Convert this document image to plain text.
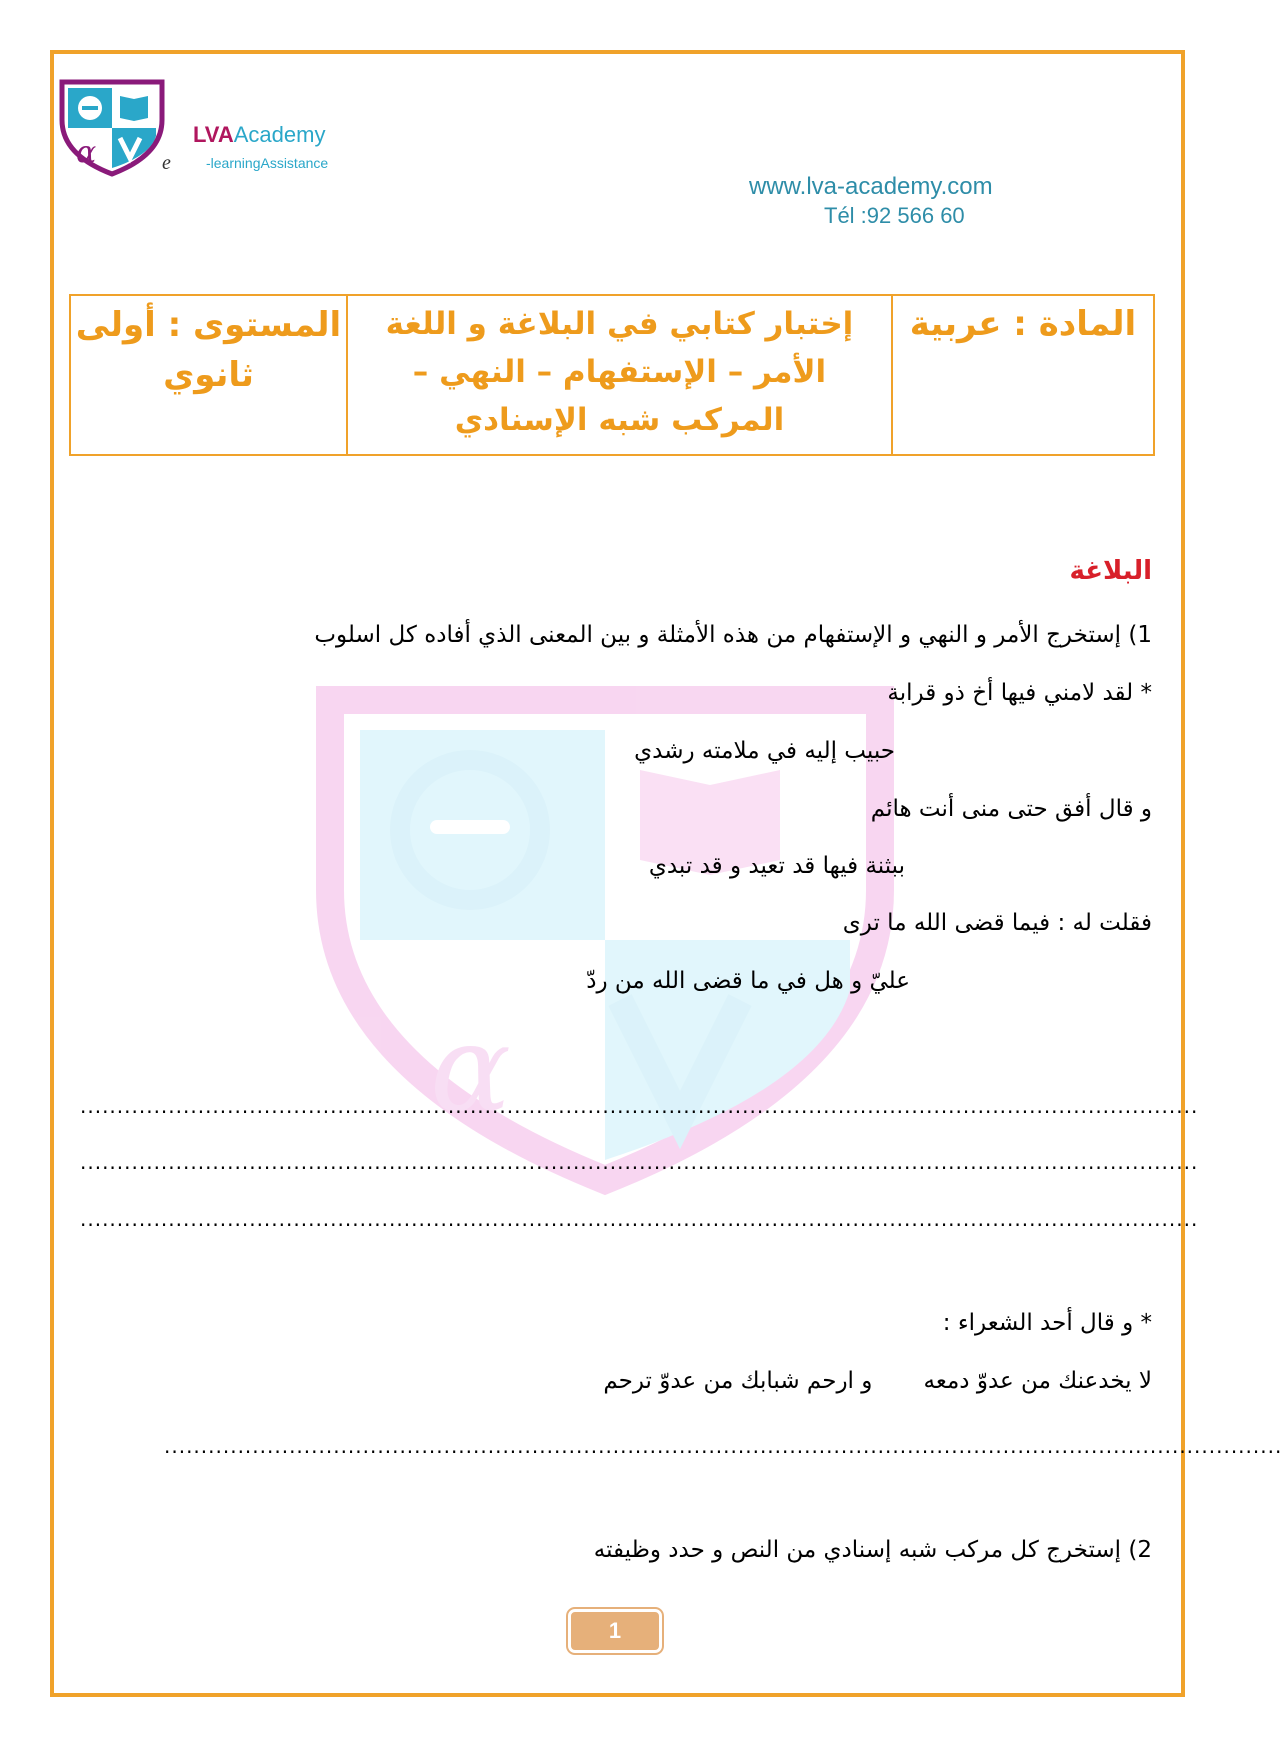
α
α	e
LVAAcademy
-learningAssistance
www.lva-academy.com
Tél :92 566 60
المادة : عربية
إختبار كتابي في البلاغة و اللغة
الأمر – الإستفهام – النهي –
المركب شبه الإسنادي
المستوى : أولى
ثانوي
البلاغة
1) إستخرج الأمر و النهي و الإستفهام من هذه الأمثلة و بين المعنى الذي أفاده كل اسلوب
* لقد لامني فيها أخ ذو قرابة
حبيب إليه في ملامته رشدي
و قال أفق حتى منى أنت هائم
ببثنة فيها قد تعيد و قد تبدي
فقلت له : فيما قضى الله ما ترى
عليّ و هل في ما قضى الله من ردّ
........................................................................................................................................................
........................................................................................................................................................
........................................................................................................................................................
* و قال أحد الشعراء :
لا يخدعنك من عدوّ دمعه       و ارحم شبابك من عدوّ ترحم
........................................................................................................................................................
2) إستخرج كل مركب شبه إسنادي من النص و حدد وظيفته
1
